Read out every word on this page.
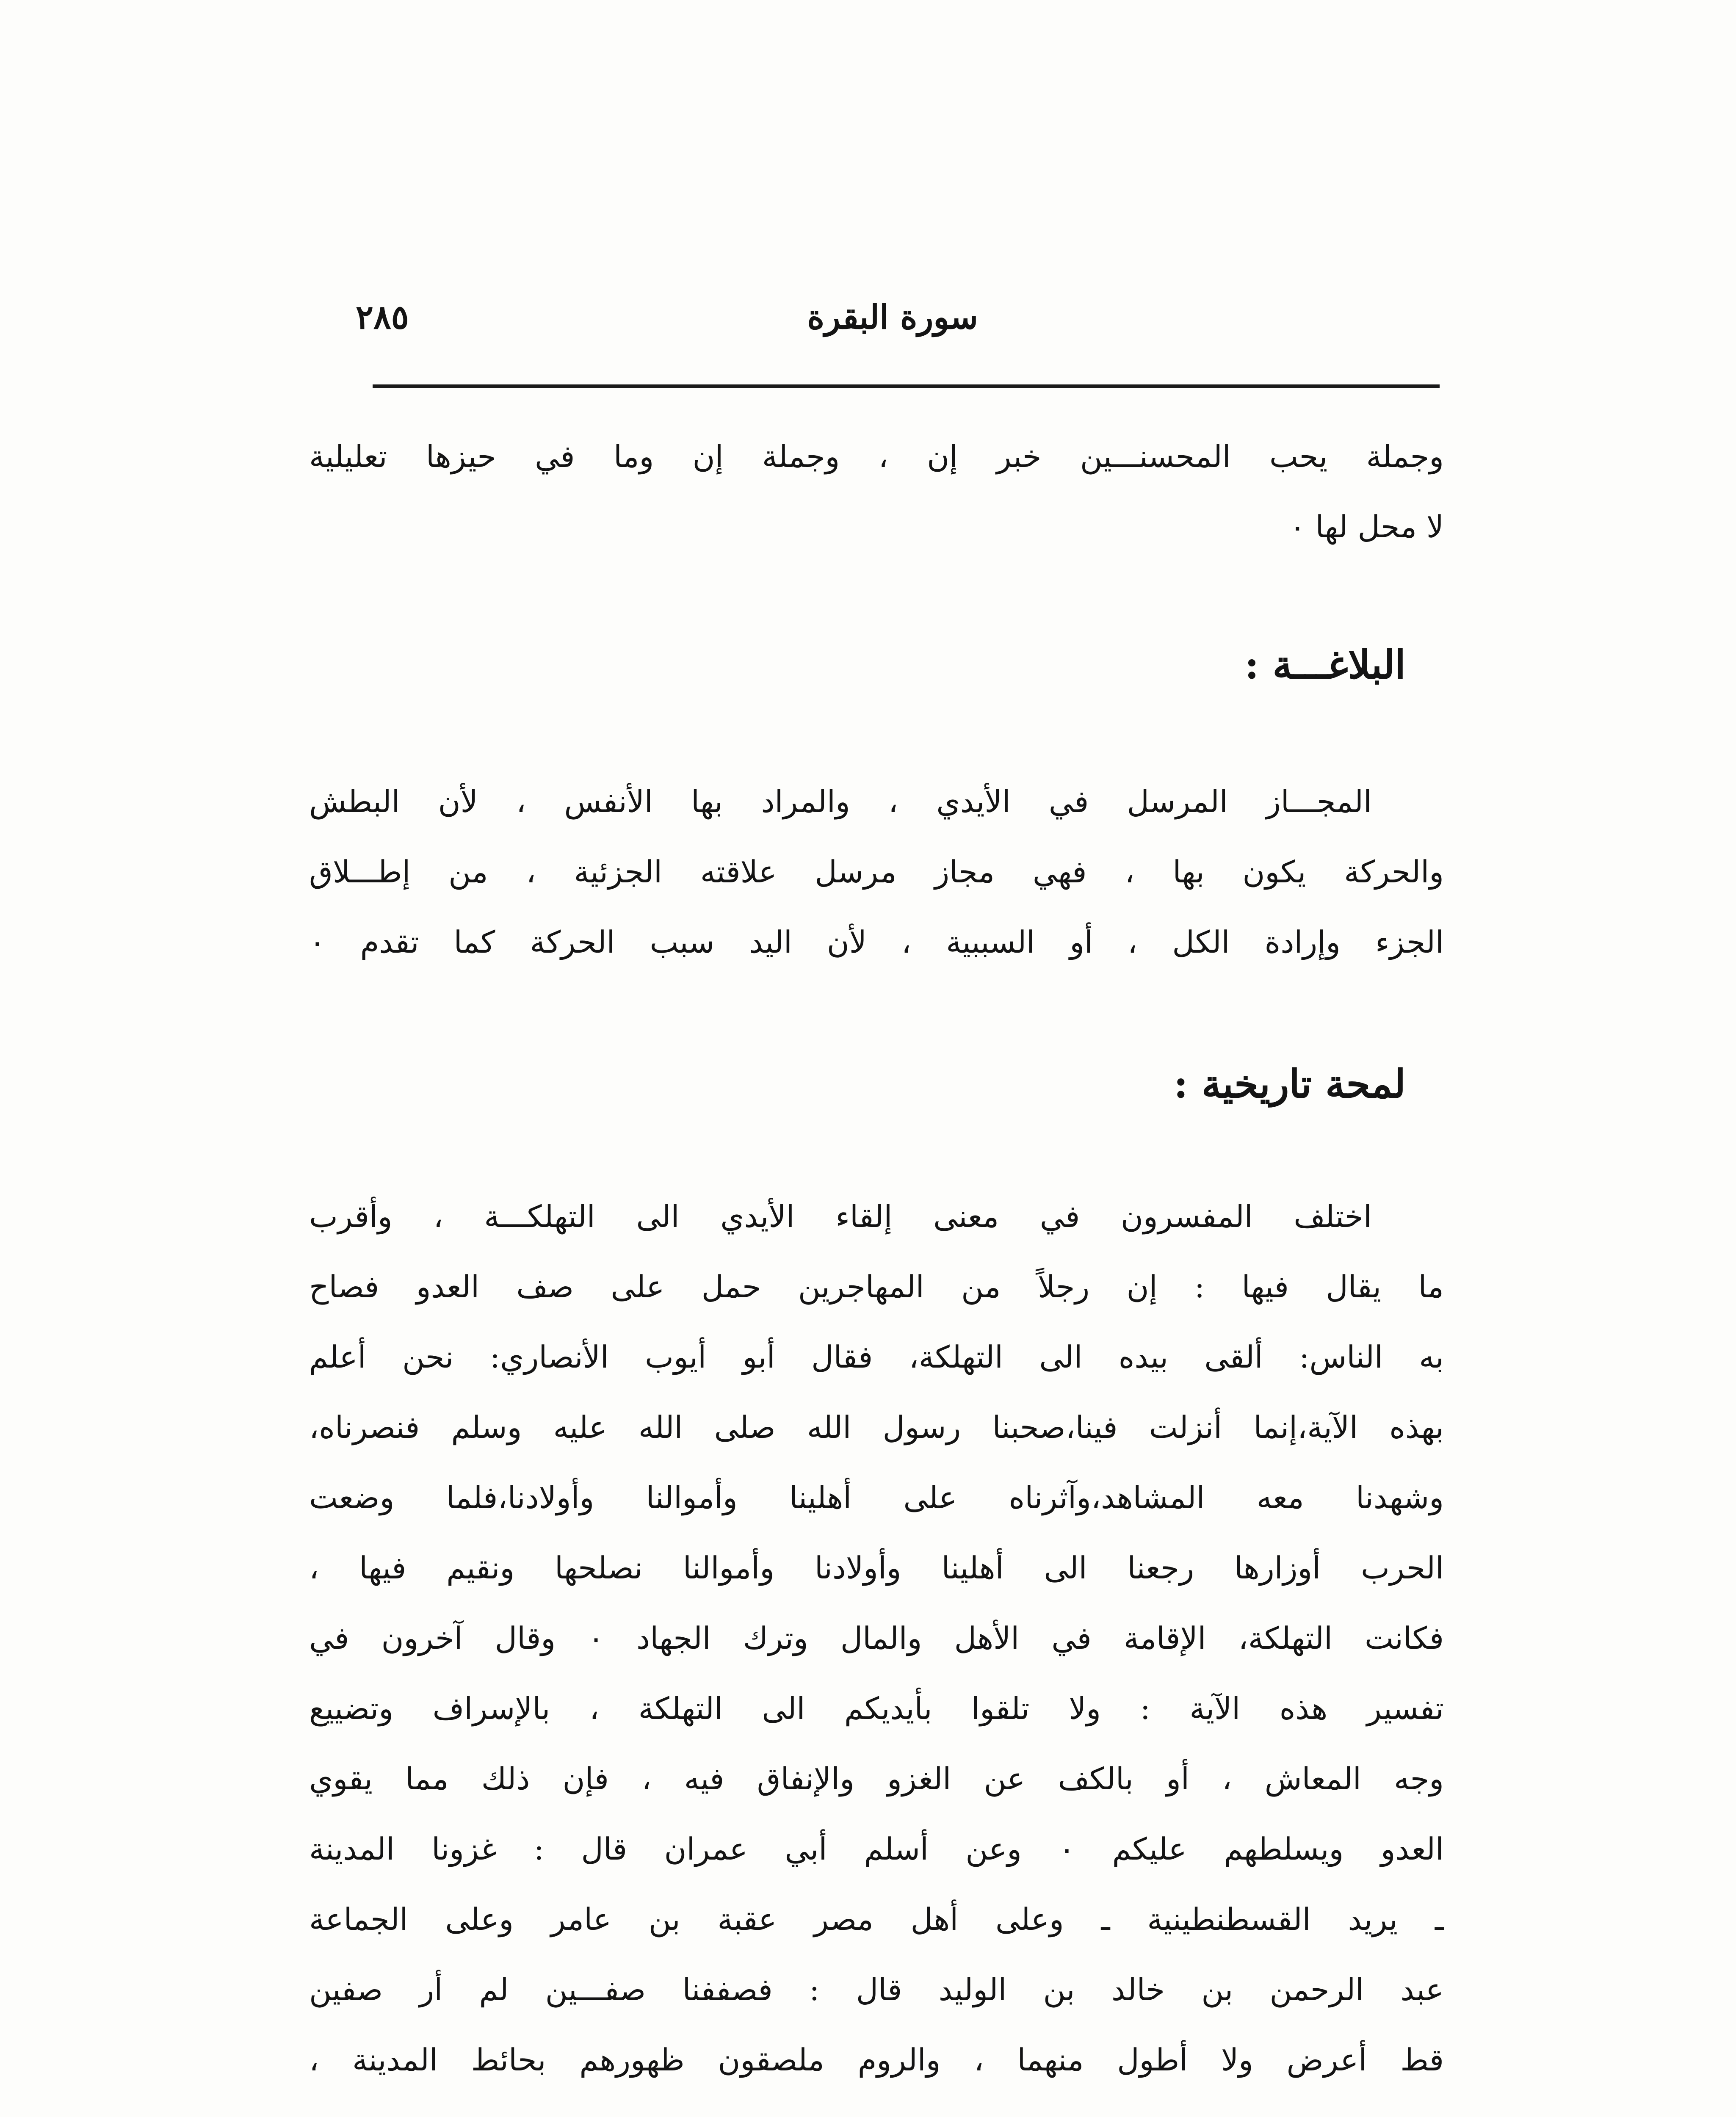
سورة البقرة
٢٨٥
وجملة يحب المحسنـــين خبر إن ، وجملة إن وما في حيزها تعليلية
لا محل لها ٠
البلاغـــة :
المجـــاز المرسل في الأيدي ، والمراد بها الأنفس ، لأن البطش
والحركة يكون بها ، فهي مجاز مرسل علاقته الجزئية ، من إطـــلاق
الجزء وإرادة الكل ، أو السببية ، لأن اليد سبب الحركة كما تقدم ٠
لمحة تاريخية :
اختلف المفسرون في معنى إلقاء الأيدي الى التهلكـــة ، وأقرب
ما يقال فيها : إن رجلاً من المهاجرين حمل على صف العدو فصاح
به الناس: ألقى بيده الى التهلكة، فقال أبو أيوب الأنصاري: نحن أعلم
بهذه الآية،إنما أنزلت فينا،صحبنا رسول الله صلى الله عليه وسلم فنصرناه،
وشهدنا معه المشاهد،وآثرناه على أهلينا وأموالنا وأولادنا،فلما وضعت
الحرب أوزارها رجعنا الى أهلينا وأولادنا وأموالنا نصلحها ونقيم فيها ،
فكانت التهلكة، الإقامة في الأهل والمال وترك الجهاد ٠ وقال آخرون في
تفسير هذه الآية : ولا تلقوا بأيديكم الى التهلكة ، بالإسراف وتضييع
وجه المعاش ، أو بالكف عن الغزو والإنفاق فيه ، فإن ذلك مما يقوي
العدو ويسلطهم عليكم ٠ وعن أسلم أبي عمران قال : غزونا المدينة
ـ يريد القسطنطينية ـ وعلى أهل مصر عقبة بن عامر وعلى الجماعة
عبد الرحمن بن خالد بن الوليد قال : فصففنا صفـــين لم أر صفين
قط أعرض ولا أطول منهما ، والروم ملصقون ظهورهم بحائط المدينة ،
